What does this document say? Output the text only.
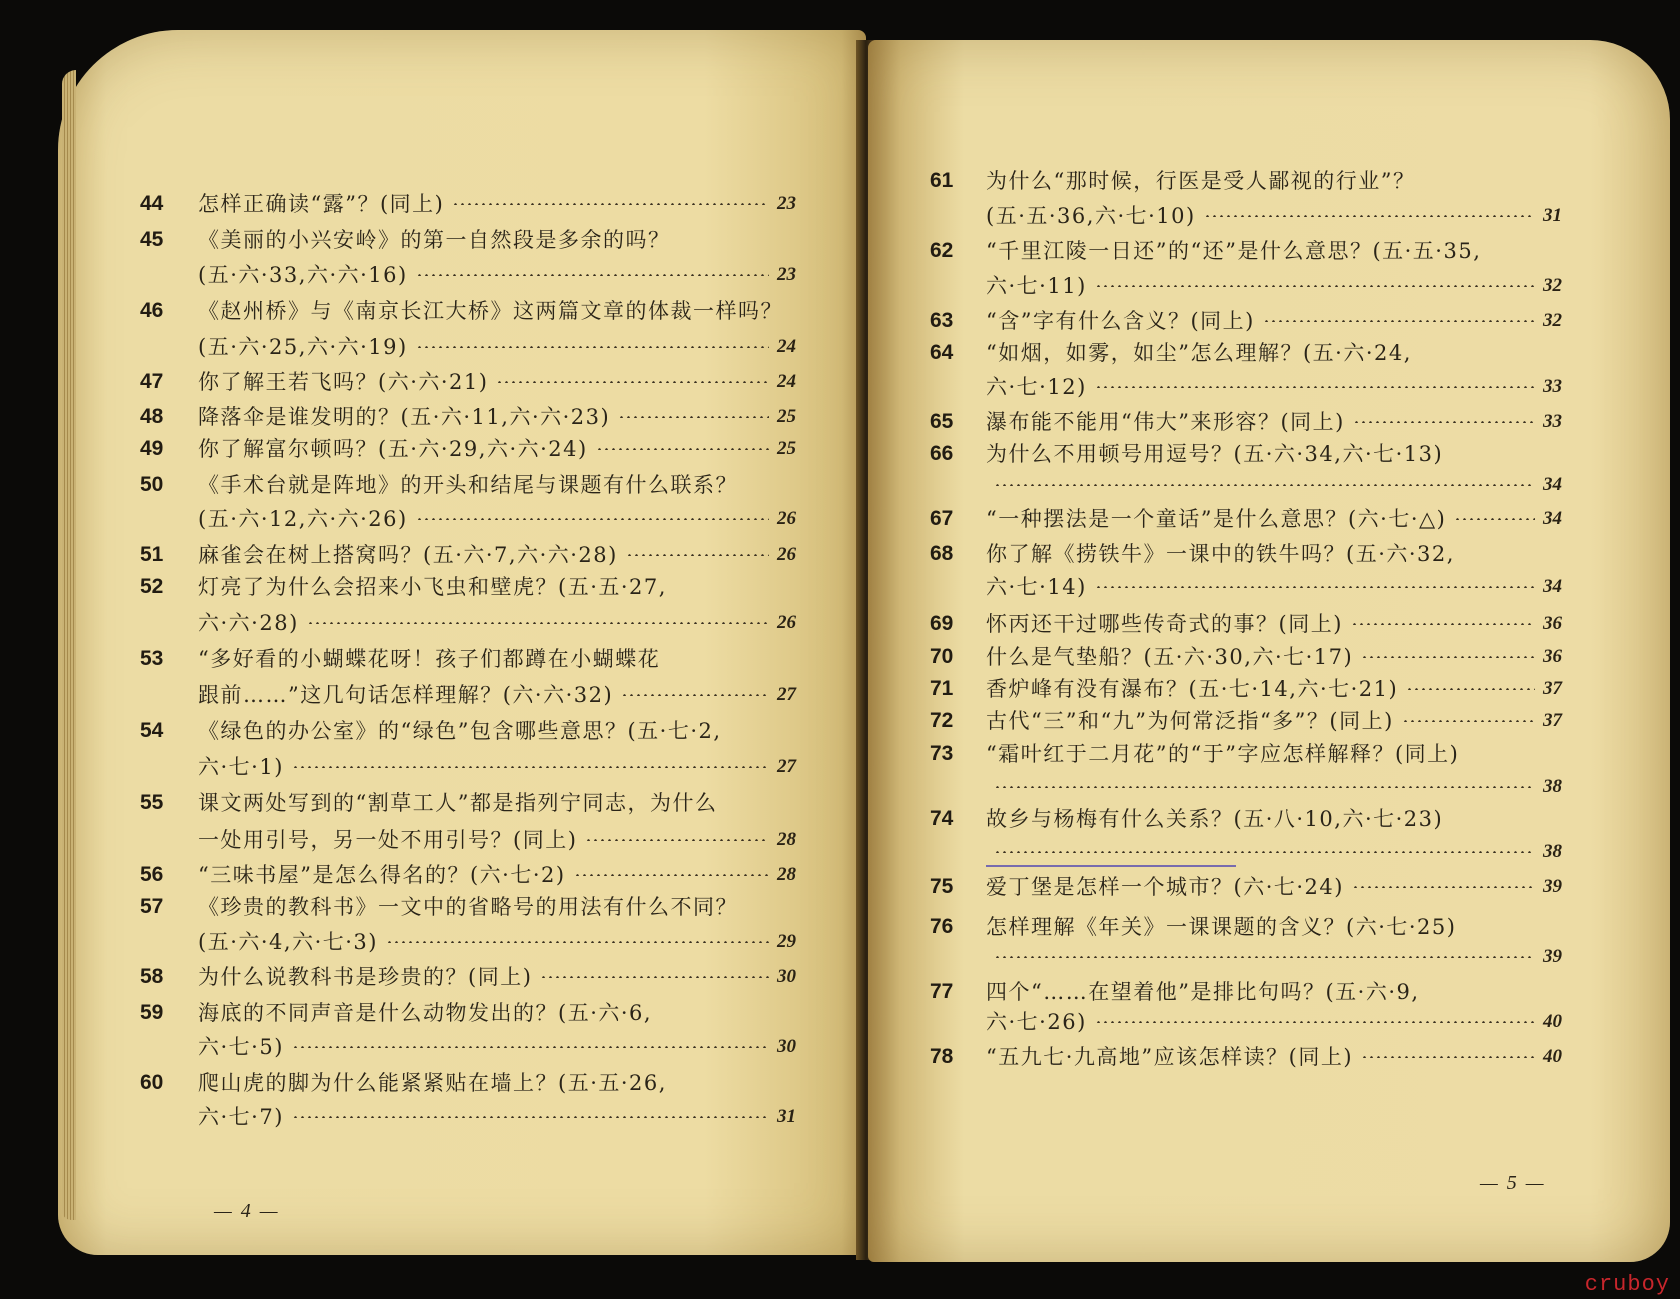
44	怎样正确读“露”？(同上)	23
45	《美丽的小兴安岭》的第一自然段是多余的吗？
(五·六·33,六·六·16)	23
46	《赵州桥》与《南京长江大桥》这两篇文章的体裁一样吗？
(五·六·25,六·六·19)	24
47	你了解王若飞吗？(六·六·21)	24
48	降落伞是谁发明的？(五·六·11,六·六·23)	25
49	你了解富尔顿吗？(五·六·29,六·六·24)	25
50	《手术台就是阵地》的开头和结尾与课题有什么联系？
(五·六·12,六·六·26)	26
51	麻雀会在树上搭窝吗？(五·六·7,六·六·28)	26
52	灯亮了为什么会招来小飞虫和壁虎？(五·五·27,
六·六·28)	26
53	“多好看的小蝴蝶花呀！孩子们都蹲在小蝴蝶花
跟前……”这几句话怎样理解？(六·六·32)	27
54	《绿色的办公室》的“绿色”包含哪些意思？(五·七·2,
六·七·1)	27
55	课文两处写到的“割草工人”都是指列宁同志，为什么
一处用引号，另一处不用引号？(同上)	28
56	“三味书屋”是怎么得名的？(六·七·2)	28
57	《珍贵的教科书》一文中的省略号的用法有什么不同？
(五·六·4,六·七·3)	29
58	为什么说教科书是珍贵的？(同上)	30
59	海底的不同声音是什么动物发出的？(五·六·6,
六·七·5)	30
60	爬山虎的脚为什么能紧紧贴在墙上？(五·五·26,
六·七·7)	31
— 4 —
61	为什么“那时候，行医是受人鄙视的行业”？
(五·五·36,六·七·10)	31
62	“千里江陵一日还”的“还”是什么意思？(五·五·35,
六·七·11)	32
63	“含”字有什么含义？(同上)	32
64	“如烟，如雾，如尘”怎么理解？(五·六·24,
六·七·12)	33
65	瀑布能不能用“伟大”来形容？(同上)	33
66	为什么不用顿号用逗号？(五·六·34,六·七·13)
34
67	“一种摆法是一个童话”是什么意思？(六·七·△)	34
68	你了解《捞铁牛》一课中的铁牛吗？(五·六·32,
六·七·14)	34
69	怀丙还干过哪些传奇式的事？(同上)	36
70	什么是气垫船？(五·六·30,六·七·17)	36
71	香炉峰有没有瀑布？(五·七·14,六·七·21)	37
72	古代“三”和“九”为何常泛指“多”？(同上)	37
73	“霜叶红于二月花”的“于”字应怎样解释？(同上)
38
74	故乡与杨梅有什么关系？(五·八·10,六·七·23)
38
75	爱丁堡是怎样一个城市？(六·七·24)	39
76	怎样理解《年关》一课课题的含义？(六·七·25)
39
77	四个“……在望着他”是排比句吗？(五·六·9,
六·七·26)	40
78	“五九七·九高地”应该怎样读？(同上)	40
— 5 —
cruboy
